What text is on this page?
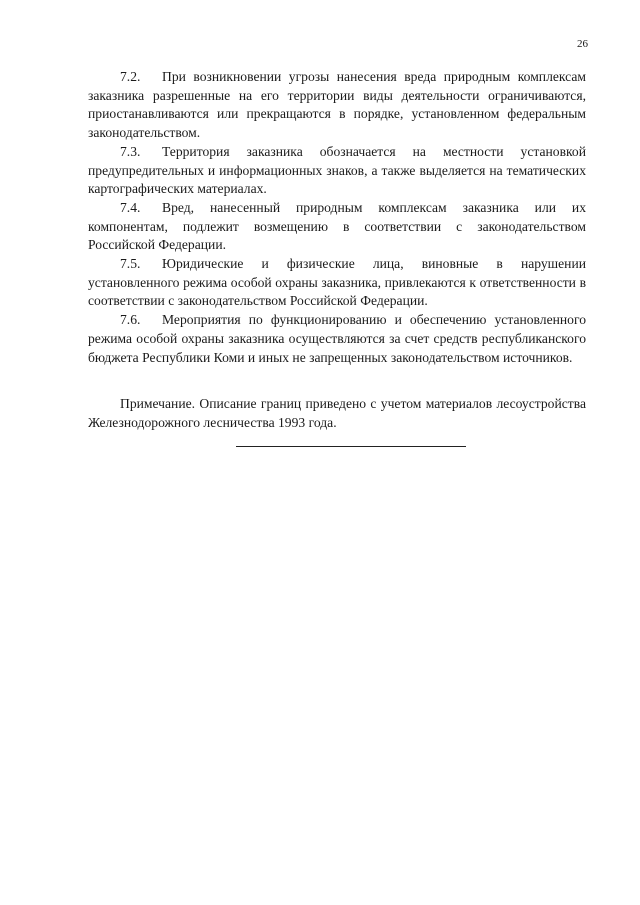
26

7.2. При возникновении угрозы нанесения вреда природным комплексам заказника разрешенные на его территории виды деятельности ограничиваются, приостанавливаются или прекращаются в порядке, установленном федеральным законодательством.

7.3. Территория заказника обозначается на местности установкой предупредительных и информационных знаков, а также выделяется на тематических картографических материалах.

7.4. Вред, нанесенный природным комплексам заказника или их компонентам, подлежит возмещению в соответствии с законодательством Российской Федерации.

7.5. Юридические и физические лица, виновные в нарушении установленного режима особой охраны заказника, привлекаются к ответственности в соответствии с законодательством Российской Федерации.

7.6. Мероприятия по функционированию и обеспечению установленного режима особой охраны заказника осуществляются за счет средств республиканского бюджета Республики Коми и иных не запрещенных законодательством источников.

Примечание. Описание границ приведено с учетом материалов лесоустройства Железнодорожного лесничества 1993 года.
